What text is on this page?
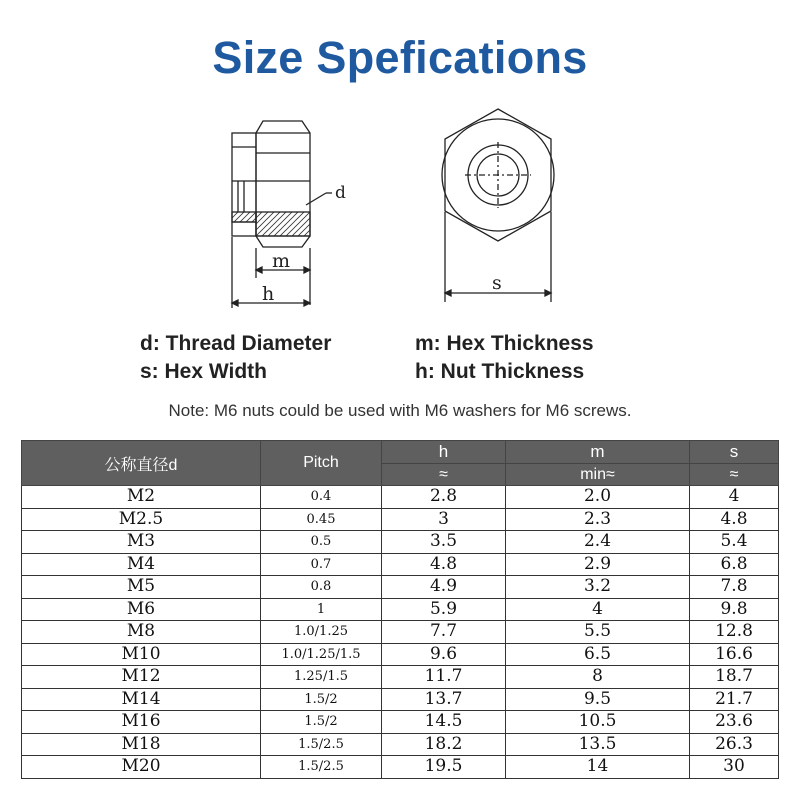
Size Spefications
d
m
h	s
d: Thread Diameter
s: Hex Width
m: Hex Thickness
h: Nut Thickness
Note: M6 nuts could be used with M6 washers for M6 screws.
公称直径d	Pitch	h	m	s
		≈	min≈	≈
M2	0.4	2.8	2.0	4
M2.5	0.45	3	2.3	4.8
M3	0.5	3.5	2.4	5.4
M4	0.7	4.8	2.9	6.8
M5	0.8	4.9	3.2	7.8
M6	1	5.9	4	9.8
M8	1.0/1.25	7.7	5.5	12.8
M10	1.0/1.25/1.5	9.6	6.5	16.6
M12	1.25/1.5	11.7	8	18.7
M14	1.5/2	13.7	9.5	21.7
M16	1.5/2	14.5	10.5	23.6
M18	1.5/2.5	18.2	13.5	26.3
M20	1.5/2.5	19.5	14	30
